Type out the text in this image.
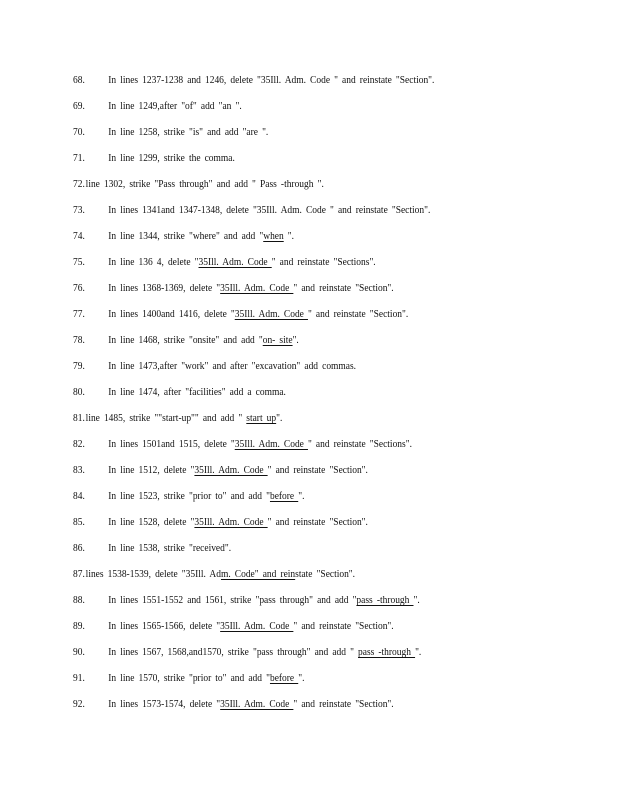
68. In lines 1237-1238 and 1246, delete "35Ill. Adm. Code " and reinstate "Section".
69. In line 1249,after "of" add "an ".
70. In line 1258, strike "is" and add "are ".
71. In line 1299, strike the comma.
72.line 1302, strike "Pass through" and add " Pass -through ".
73. In lines 1341and 1347-1348, delete "35Ill. Adm. Code " and reinstate "Section".
74. In line 1344, strike "where" and add "when ".
75. In line 136 4, delete "35Ill. Adm. Code " and reinstate "Sections".
76. In lines 1368-1369, delete "35Ill. Adm. Code " and reinstate "Section".
77. In lines 1400and 1416, delete "35Ill. Adm. Code " and reinstate "Section".
78. In line 1468, strike "onsite" and add "on- site".
79. In line 1473,after "work" and after "excavation" add commas.
80. In line 1474, after "facilities" add a comma.
81.line 1485, strike ""start-up"" and add " start up".
82. In lines 1501and 1515, delete "35Ill. Adm. Code " and reinstate "Sections".
83. In line 1512, delete "35Ill. Adm. Code " and reinstate "Section".
84. In line 1523, strike "prior to" and add "before ".
85. In line 1528, delete "35Ill. Adm. Code " and reinstate "Section".
86. In line 1538, strike "received".
87.lines 1538-1539, delete "35Ill. Adm. Code" and reinstate "Section".
88. In lines 1551-1552 and 1561, strike "pass through" and add "pass -through ".
89. In lines 1565-1566, delete "35Ill. Adm. Code " and reinstate "Section".
90. In lines 1567, 1568,and1570, strike "pass through" and add " pass -through ".
91. In line 1570, strike "prior to" and add "before ".
92. In lines 1573-1574, delete "35Ill. Adm. Code " and reinstate "Section".
